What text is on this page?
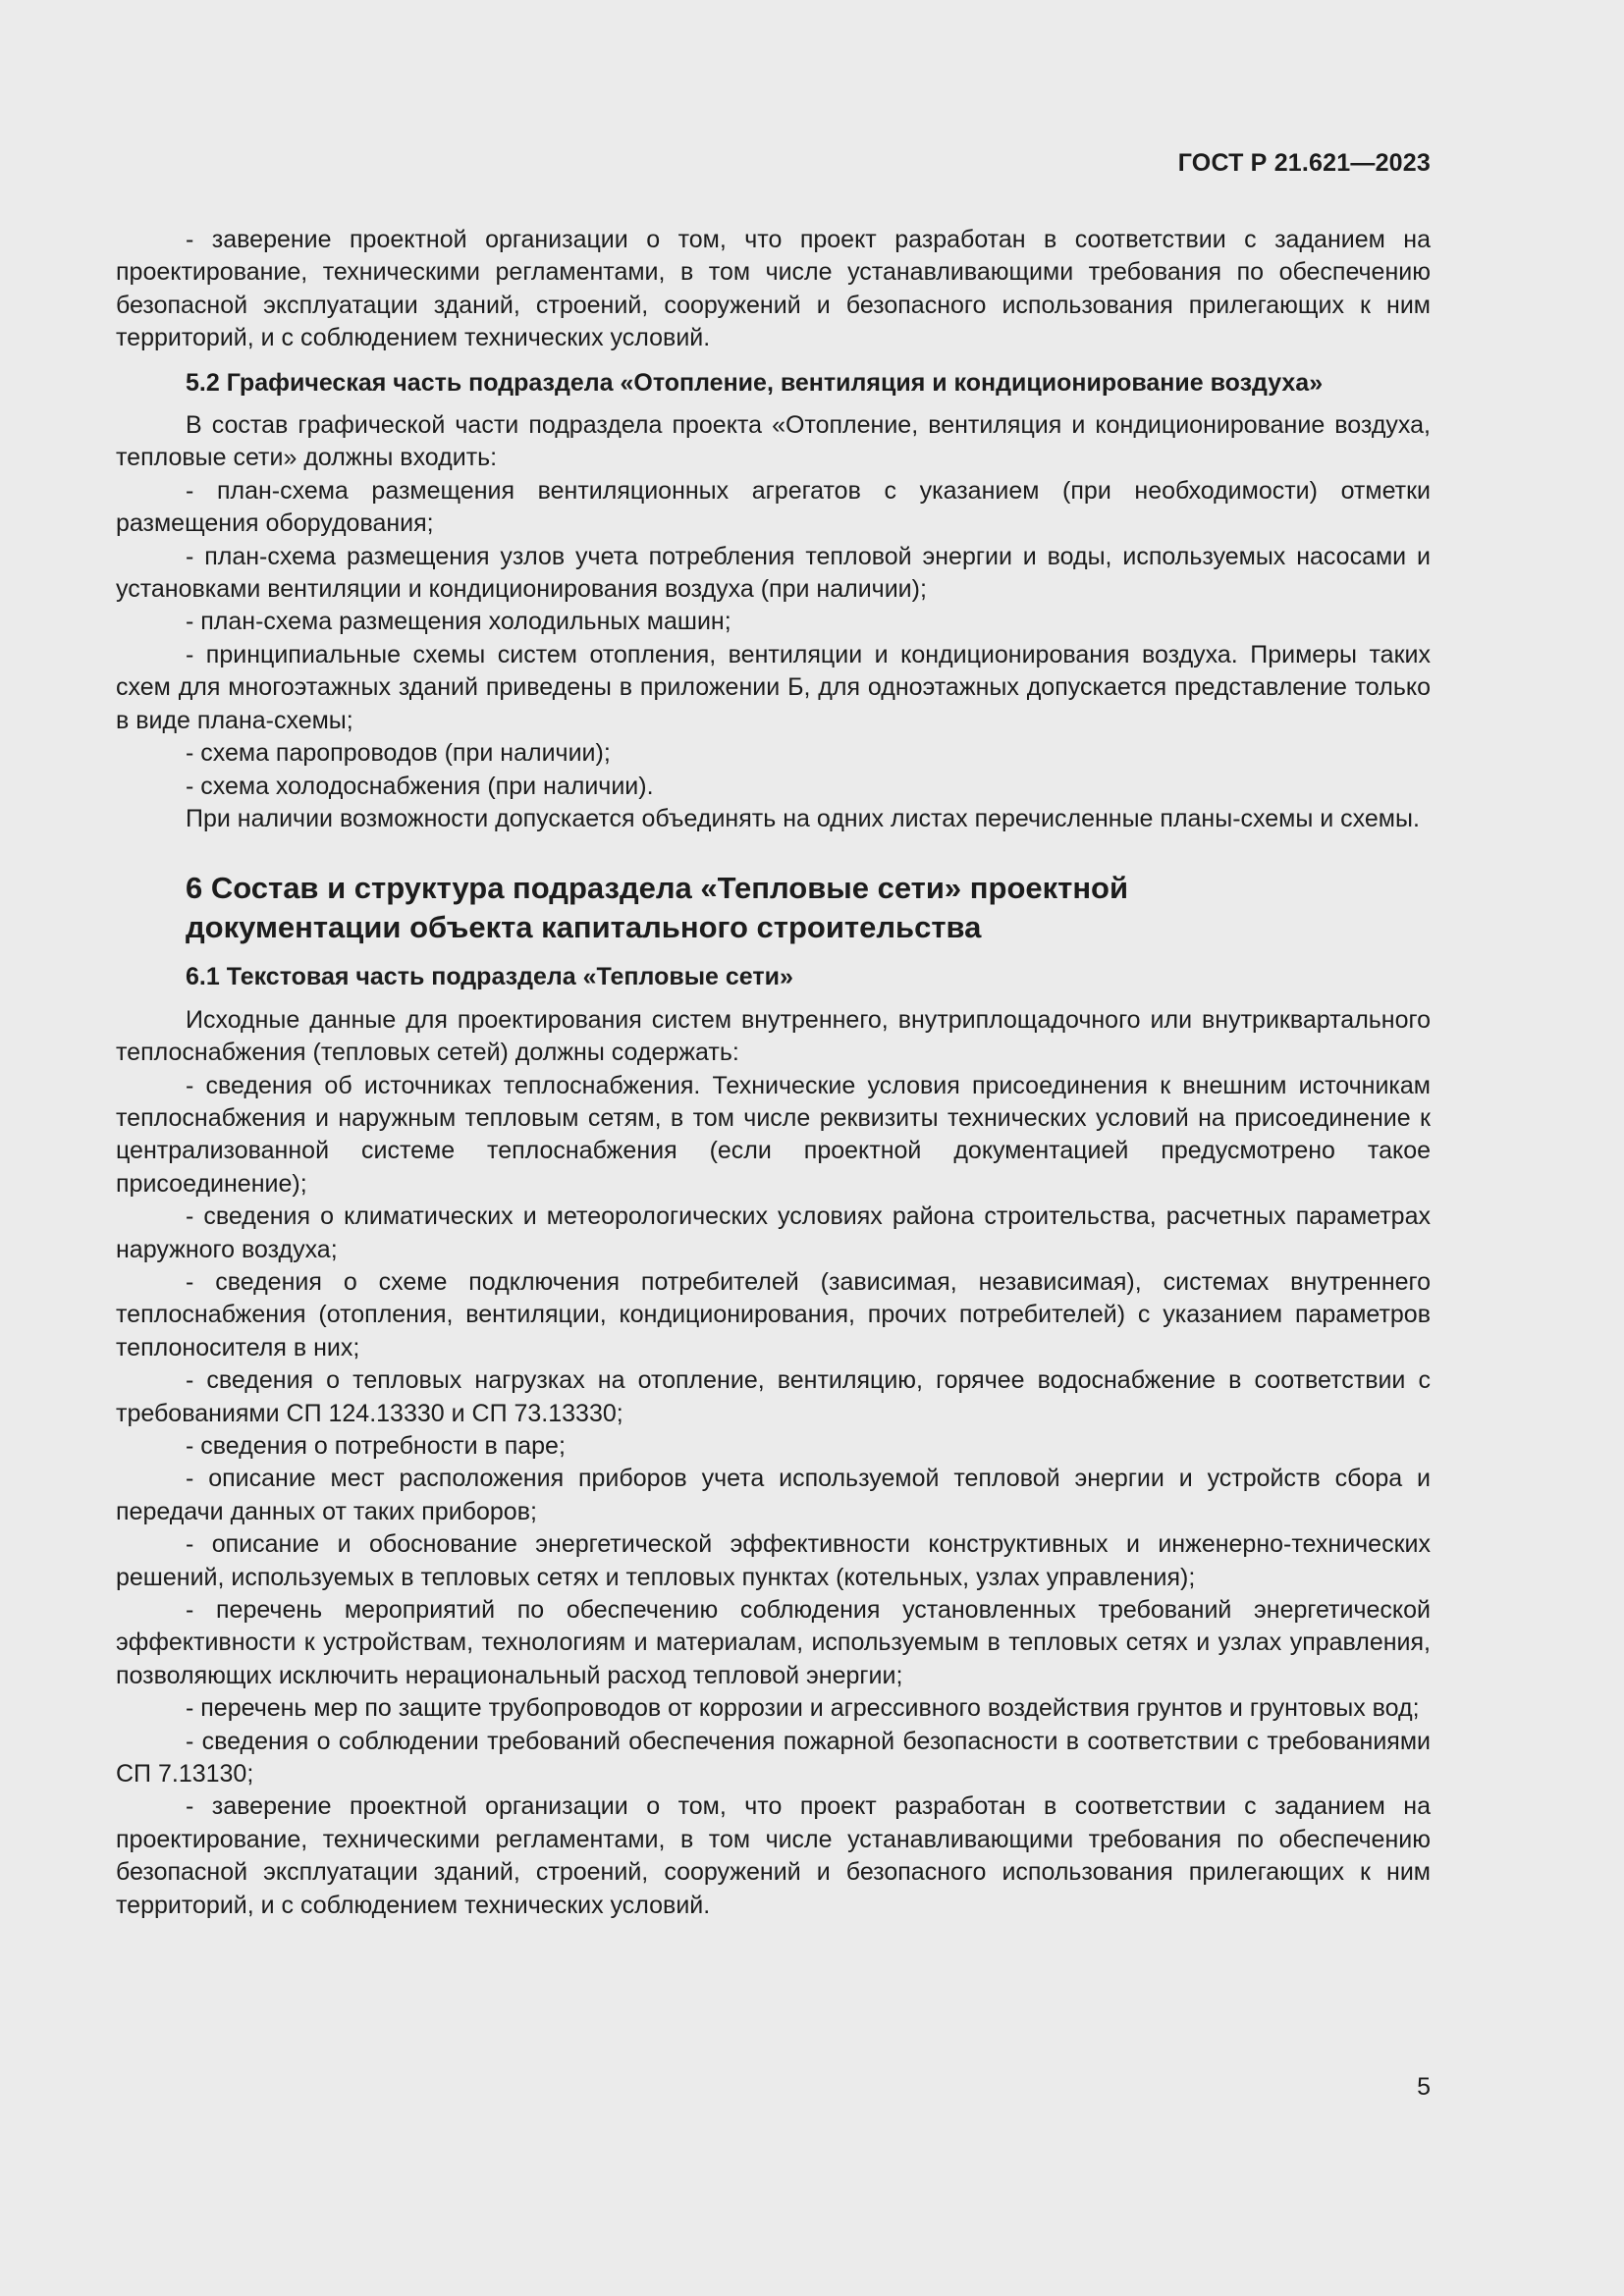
ГОСТ Р 21.621—2023

- заверение проектной организации о том, что проект разработан в соответствии с заданием на проектирование, техническими регламентами, в том числе устанавливающими требования по обеспечению безопасной эксплуатации зданий, строений, сооружений и безопасного использования прилегающих к ним территорий, и с соблюдением технических условий.

5.2 Графическая часть подраздела «Отопление, вентиляция и кондиционирование воздуха»

В состав графической части подраздела проекта «Отопление, вентиляция и кондиционирование воздуха, тепловые сети» должны входить:

- план-схема размещения вентиляционных агрегатов с указанием (при необходимости) отметки размещения оборудования;

- план-схема размещения узлов учета потребления тепловой энергии и воды, используемых насосами и установками вентиляции и кондиционирования воздуха (при наличии);

- план-схема размещения холодильных машин;

- принципиальные схемы систем отопления, вентиляции и кондиционирования воздуха. Примеры таких схем для многоэтажных зданий приведены в приложении Б, для одноэтажных допускается представление только в виде плана-схемы;

- схема паропроводов (при наличии);

- схема холодоснабжения (при наличии).

При наличии возможности допускается объединять на одних листах перечисленные планы-схемы и схемы.

6 Состав и структура подраздела «Тепловые сети» проектной

документации объекта капитального строительства

6.1 Текстовая часть подраздела «Тепловые сети»

Исходные данные для проектирования систем внутреннего, внутриплощадочного или внутриквартального теплоснабжения (тепловых сетей) должны содержать:

- сведения об источниках теплоснабжения. Технические условия присоединения к внешним источникам теплоснабжения и наружным тепловым сетям, в том числе реквизиты технических условий на присоединение к централизованной системе теплоснабжения (если проектной документацией предусмотрено такое присоединение);

- сведения о климатических и метеорологических условиях района строительства, расчетных параметрах наружного воздуха;

- сведения о схеме подключения потребителей (зависимая, независимая), системах внутреннего теплоснабжения (отопления, вентиляции, кондиционирования, прочих потребителей) с указанием параметров теплоносителя в них;

- сведения о тепловых нагрузках на отопление, вентиляцию, горячее водоснабжение в соответствии с требованиями СП 124.13330 и СП 73.13330;

- сведения о потребности в паре;

- описание мест расположения приборов учета используемой тепловой энергии и устройств сбора и передачи данных от таких приборов;

- описание и обоснование энергетической эффективности конструктивных и инженерно-технических решений, используемых в тепловых сетях и тепловых пунктах (котельных, узлах управления);

- перечень мероприятий по обеспечению соблюдения установленных требований энергетической эффективности к устройствам, технологиям и материалам, используемым в тепловых сетях и узлах управления, позволяющих исключить нерациональный расход тепловой энергии;

- перечень мер по защите трубопроводов от коррозии и агрессивного воздействия грунтов и грунтовых вод;

- сведения о соблюдении требований обеспечения пожарной безопасности в соответствии с требованиями СП 7.13130;

- заверение проектной организации о том, что проект разработан в соответствии с заданием на проектирование, техническими регламентами, в том числе устанавливающими требования по обеспечению безопасной эксплуатации зданий, строений, сооружений и безопасного использования прилегающих к ним территорий, и с соблюдением технических условий.

5
